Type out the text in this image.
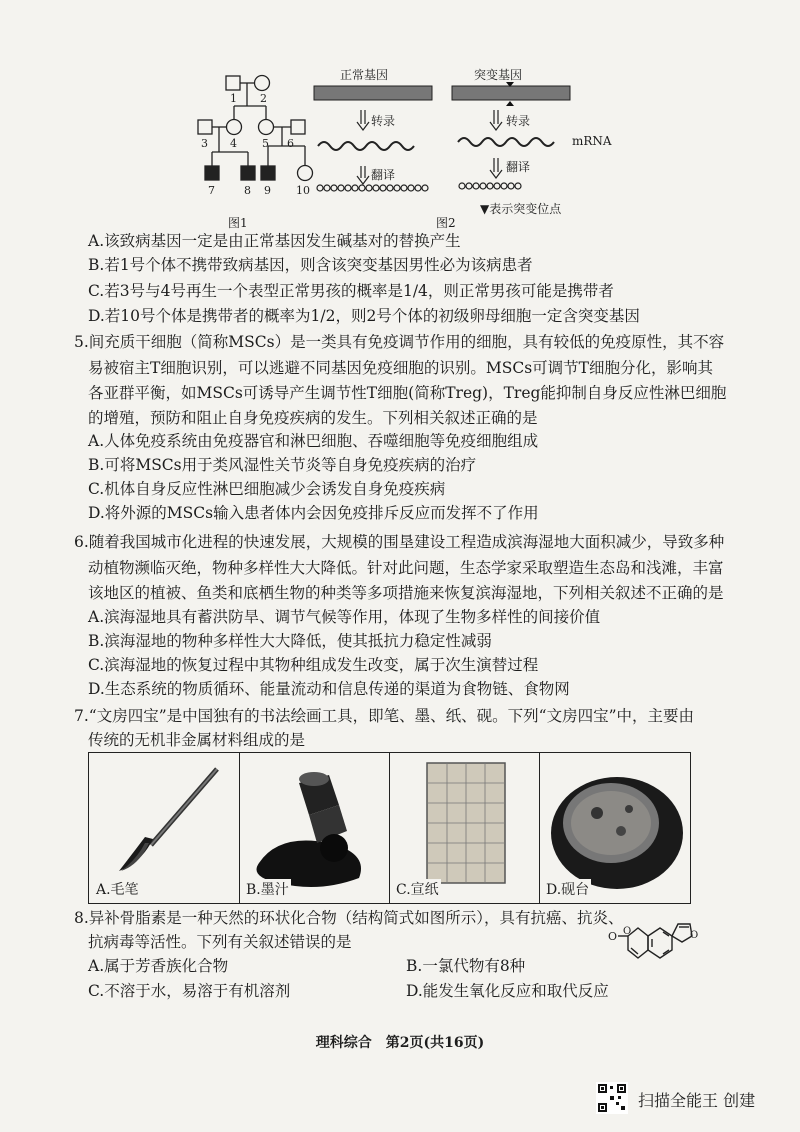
1 2
3 4 5 6
7	8 9 10
图1
正常基因	突变基因
转录	转录
翻译
翻译
mRNA
图2
▼表示突变位点
A.该致病基因一定是由正常基因发生碱基对的替换产生
B.若1号个体不携带致病基因，则含该突变基因男性必为该病患者
C.若3号与4号再生一个表型正常男孩的概率是1/4，则正常男孩可能是携带者
D.若10号个体是携带者的概率为1/2，则2号个体的初级卵母细胞一定含突变基因
5.间充质干细胞（简称MSCs）是一类具有免疫调节作用的细胞，具有较低的免疫原性，其不容
易被宿主T细胞识别，可以逃避不同基因免疫细胞的识别。MSCs可调节T细胞分化，影响其
各亚群平衡，如MSCs可诱导产生调节性T细胞(简称Treg)，Treg能抑制自身反应性淋巴细胞
的增殖，预防和阻止自身免疫疾病的发生。下列相关叙述正确的是
A.人体免疫系统由免疫器官和淋巴细胞、吞噬细胞等免疫细胞组成
B.可将MSCs用于类风湿性关节炎等自身免疫疾病的治疗
C.机体自身反应性淋巴细胞减少会诱发自身免疫疾病
D.将外源的MSCs输入患者体内会因免疫排斥反应而发挥不了作用
6.随着我国城市化进程的快速发展，大规模的围垦建设工程造成滨海湿地大面积减少，导致多种
动植物濒临灭绝，物种多样性大大降低。针对此问题，生态学家采取塑造生态岛和浅滩，丰富
该地区的植被、鱼类和底栖生物的种类等多项措施来恢复滨海湿地，下列相关叙述不正确的是
A.滨海湿地具有蓄洪防旱、调节气候等作用，体现了生物多样性的间接价值
B.滨海湿地的物种多样性大大降低，使其抵抗力稳定性减弱
C.滨海湿地的恢复过程中其物种组成发生改变，属于次生演替过程
D.生态系统的物质循环、能量流动和信息传递的渠道为食物链、食物网
7.“文房四宝”是中国独有的书法绘画工具，即笔、墨、纸、砚。下列“文房四宝”中，主要由
传统的无机非金属材料组成的是
A.毛笔	B.墨汁	C.宣纸	D.砚台
8.异补骨脂素是一种天然的环状化合物（结构简式如图所示），具有抗癌、抗炎、
抗病毒等活性。下列有关叙述错误的是
A.属于芳香族化合物	B.一氯代物有8种
C.不溶于水，易溶于有机溶剂	D.能发生氧化反应和取代反应
O O	O
理科综合　第2页(共16页)
扫描全能王 创建
